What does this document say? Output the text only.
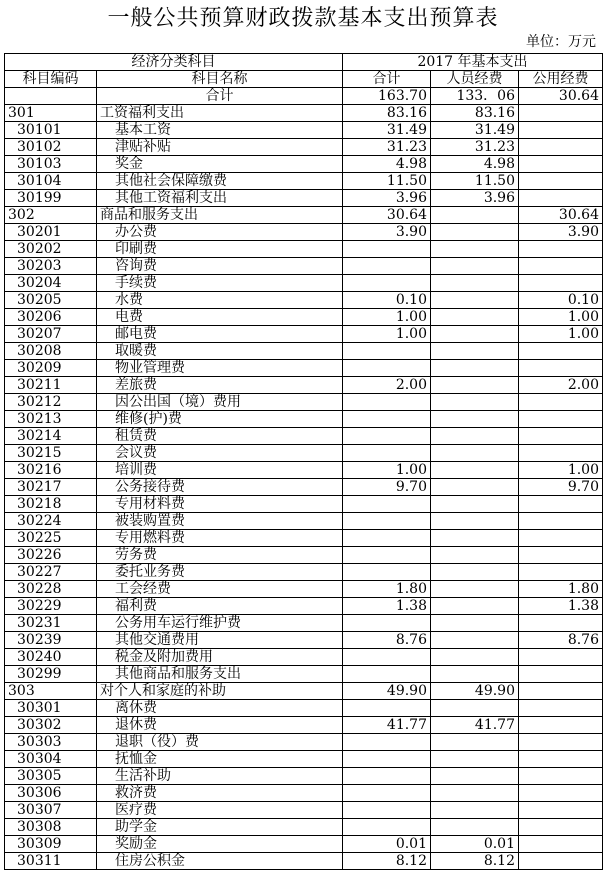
一般公共预算财政拨款基本支出预算表
单位：万元
经济分类科目		2017 年基本支出		
科目编码	科目名称	合计	人员经费	公用经费
	合计	163.70	133．06	30.64
301	工资福利支出	83.16	83.16	
30101	基本工资	31.49	31.49	
30102	津贴补贴	31.23	31.23	
30103	奖金	4.98	4.98	
30104	其他社会保障缴费	11.50	11.50	
30199	其他工资福利支出	3.96	3.96	
302	商品和服务支出	30.64		30.64
30201	办公费	3.90		3.90
30202	印刷费			
30203	咨询费			
30204	手续费			
30205	水费	0.10		0.10
30206	电费	1.00		1.00
30207	邮电费	1.00		1.00
30208	取暖费			
30209	物业管理费			
30211	差旅费	2.00		2.00
30212	因公出国（境）费用			
30213	维修(护)费			
30214	租赁费			
30215	会议费			
30216	培训费	1.00		1.00
30217	公务接待费	9.70		9.70
30218	专用材料费			
30224	被装购置费			
30225	专用燃料费			
30226	劳务费			
30227	委托业务费			
30228	工会经费	1.80		1.80
30229	福利费	1.38		1.38
30231	公务用车运行维护费			
30239	其他交通费用	8.76		8.76
30240	税金及附加费用			
30299	其他商品和服务支出			
303	对个人和家庭的补助	49.90	49.90	
30301	离休费			
30302	退休费	41.77	41.77	
30303	退职（役）费			
30304	抚恤金			
30305	生活补助			
30306	救济费			
30307	医疗费			
30308	助学金			
30309	奖励金	0.01	0.01	
30311	住房公积金	8.12	8.12	
